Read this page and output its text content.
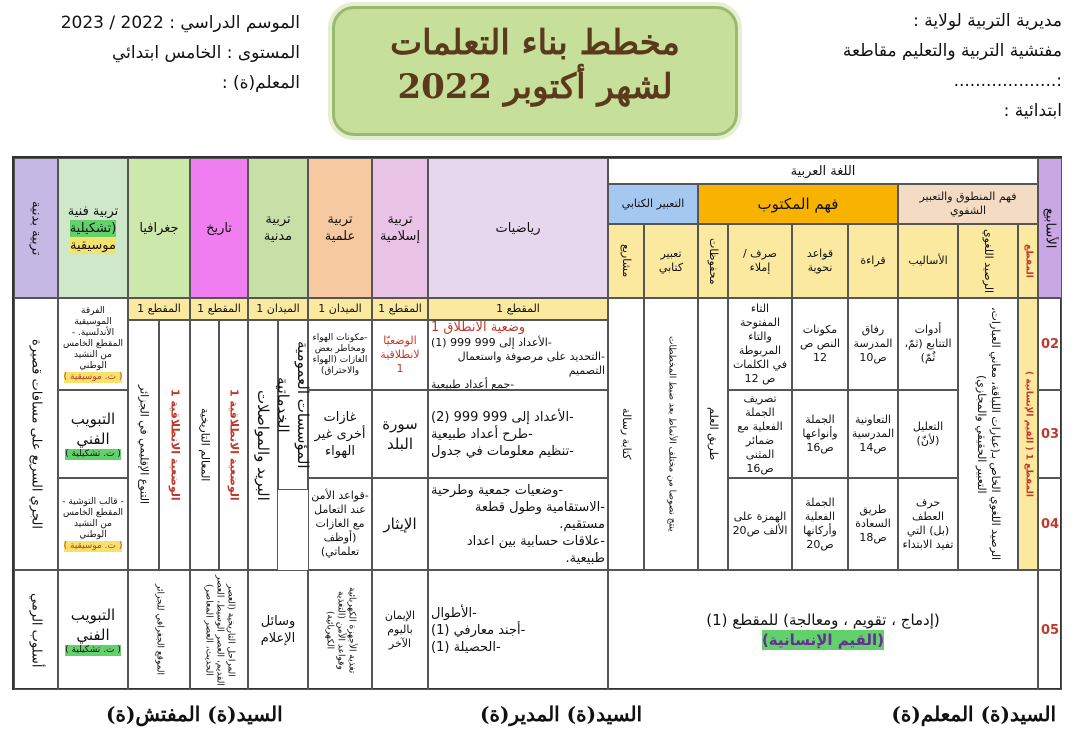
مديرية التربية لولاية :
مفتشية التربية والتعليم مقاطعة
:...................
ابتدائية :
مخطط بناء التعلمات
لشهر أكتوبر 2022
الموسم الدراسي : 2022 / 2023
المستوى : الخامس ابتدائي
المعلم(ة) :
الأسابيع
02
03
04
05
اللغة العربية
فهم المنطوق والتعبير الشفوي
فهم المكتوب
التعبير الكتابي
المقطع
الرصيد اللغوي
الأساليب
قراءة
قواعد نحوية
صرف / إملاء
محفوظات
تعبير كتابي
مشاريع
رياضيات
تربية إسلامية
تربية علمية
تربية مدنية
تاريخ
جغرافيا
تربية فنية
(تشكيلية
موسيقية
تربية بدنية
المقطع 1
المقطع 1
الميدان 1
الميدان 1
المقطع 1
المقطع 1
المقطع 1 ( القيم الإنسانية )
الرصيد اللغوي الخاص بـ(عبارات اللباقة، معاني العبارات، التعبير الحقيقي والمجازي)
أدوات التتابع (ثمّ، ثُمّ)
رفاق المدرسة ص10
مكونات النص ص 12
التاء المفتوحة والتاء المربوطة في الكلمات ص 12
وضعية الانطلاق 1
-الأعداد إلى 999 999 (1)
-التحديد على مرصوفة واستعمال التصميم
-جمع أعداد طبيعية
الوضعيّا لانطلاقية
1
-مكونات الهواء ومخاطر بعض الغازات (الهواء والاحتراق)
الفرقة الموسيقية الأندلسية. - المقطع الخامس من النشيد الوطني
( ت. موسيقية )
التعليل (لأنّ)
التعاونية المدرسية ص14
الجملة وأنواعها ص16
تصريف الجملة الفعلية مع ضمائر المثنى ص16
-الأعداد إلى 999 999 (2)
-طرح أعداد طبيعية
-تنظيم معلومات في جدول
سورة البلد
غازات أخرى غير الهواء
التبويب الفني
( ت. تشكيلية )
حرف العطف (بل) التي تفيد الابتداء
طريق السعادة ص18
الجملة الفعلية وأركانها ص20
الهمزة على الألف ص20
-وضعيات جمعية وطرحية
-الاستقامية وطول قطعة مستقيم.
-علاقات حسابية بين اعداد طبيعية.
الإيثار
-قواعد الأمن عند التعامل مع الغازات (أوظف تعلماتي)
- قالب التوشية - المقطع الخامس من النشيد الوطني
( ت. موسيقية )
طريق العلم
ينتج نصوصا من مختلف الأنماط بعد ضبط المخططات
كتابة رسالة
المؤسسات العمومية الخدماتية
البريد والمواصلات
الوضعية الانطلاقية 1
المعالم التاريخية
الوضعية الانطلاقية 1
التنوع الإقليمي في الجزائر
الجري السريع على مسافات قصيرة
(إدماج ، تقويم ، ومعالجة) للمقطع (1)
(القيم الإنسانية)
-الأطوال
-أجند معارفي (1)
-الحصيلة (1)
الإيمان باليوم الآخر
تغذية الأجهزة الكهربائية وقواعد الأمن (التغذية الكهربائية)
وسائل الإعلام
المراحل التاريخية (العصر القديم، العصر الوسيط، العصر الحديث، العصر المعاصر)
الموقع الجغرافي للجزائر
التبويب الفني
( ت. تشكيلية )
أسلوب الرمي
السيد(ة) المعلم(ة)
السيد(ة) المدير(ة)
السيد(ة) المفتش(ة)
